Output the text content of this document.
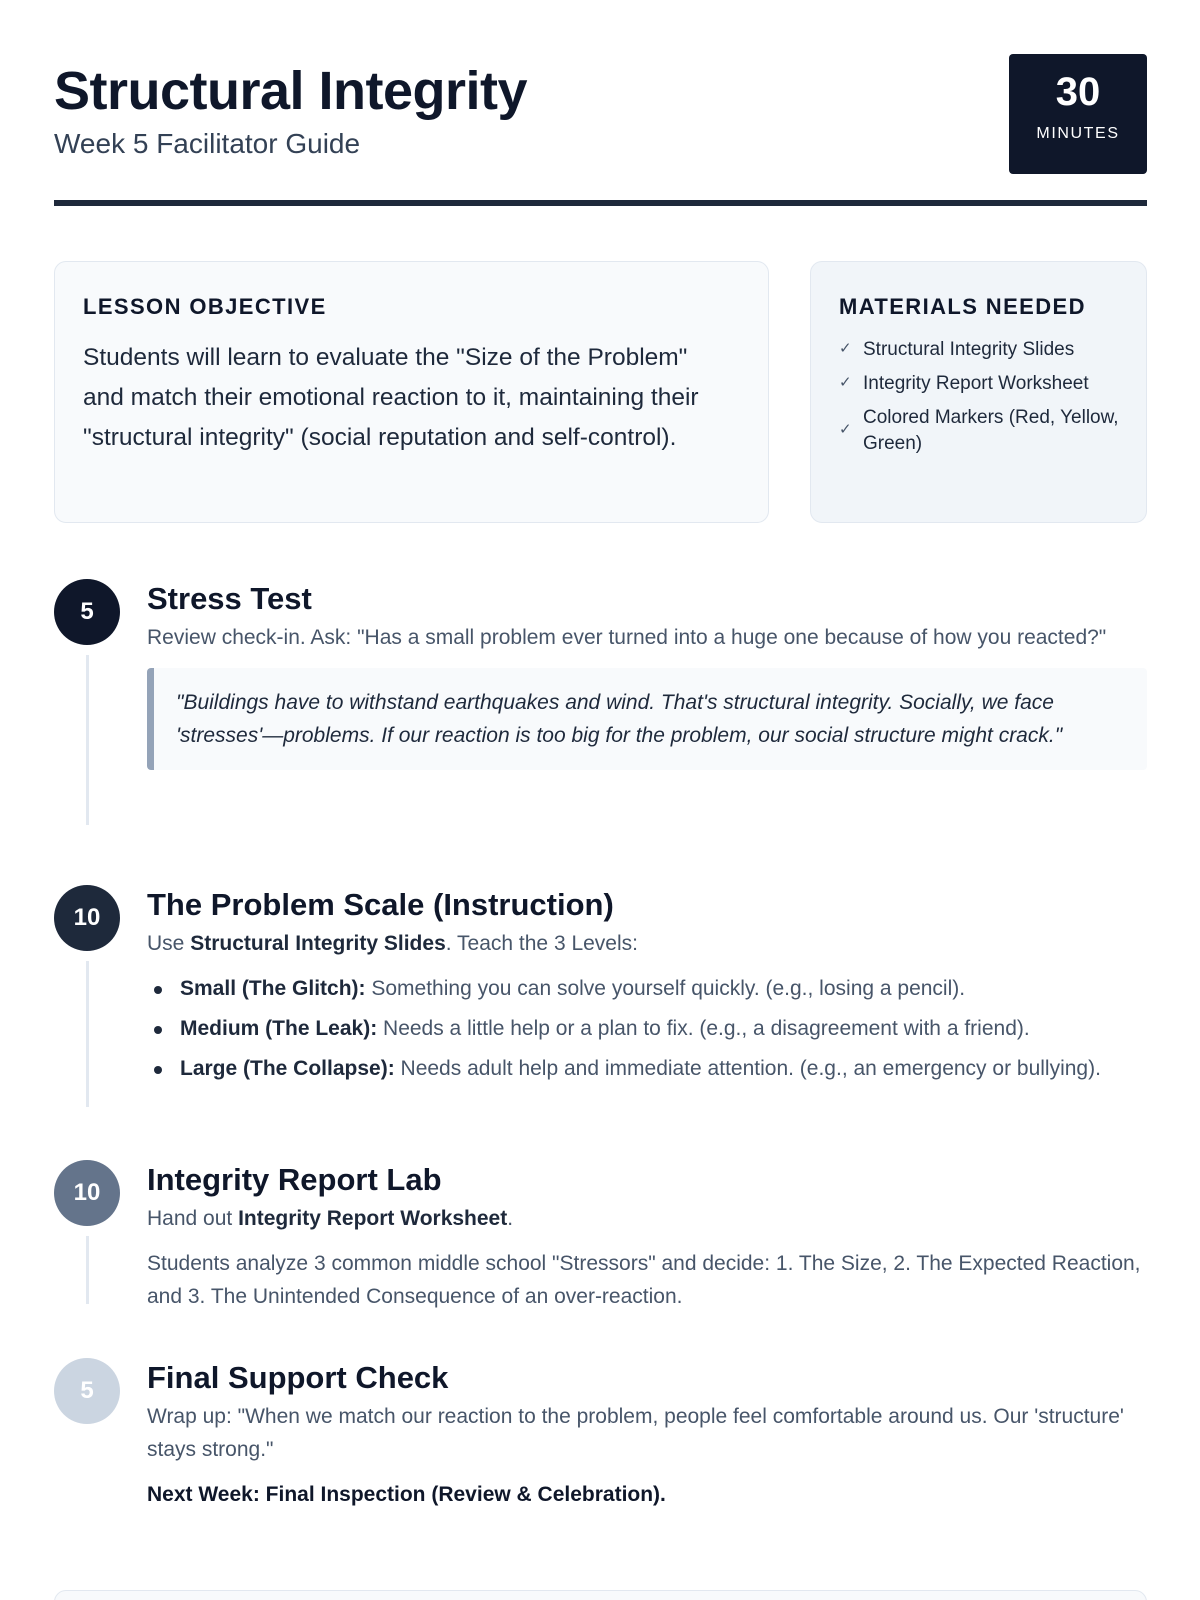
Structural Integrity
Week 5 Facilitator Guide
30
MINUTES
LESSON OBJECTIVE

Students will learn to evaluate the "Size of the Problem" and match their emotional reaction to it, maintaining their "structural integrity" (social reputation and self-control).

MATERIALS NEEDED
✓ Structural Integrity Slides
✓ Integrity Report Worksheet
✓
Colored Markers (Red, Yellow, Green)
5	Stress Test

Review check-in. Ask: "Has a small problem ever turned into a huge one because of how you reacted?"

"Buildings have to withstand earthquakes and wind. That's structural integrity. Socially, we face 'stresses'—problems. If our reaction is too big for the problem, our social structure might crack."
10	The Problem Scale (Instruction)

Use Structural Integrity Slides. Teach the 3 Levels:

Small (The Glitch): Something you can solve yourself quickly. (e.g., losing a pencil).
Medium (The Leak): Needs a little help or a plan to fix. (e.g., a disagreement with a friend).
Large (The Collapse): Needs adult help and immediate attention. (e.g., an emergency or bullying).
10	Integrity Report Lab

Hand out Integrity Report Worksheet.

Students analyze 3 common middle school "Stressors" and decide: 1. The Size, 2. The Expected Reaction, and 3. The Unintended Consequence of an over-reaction.

5	Final Support Check

Wrap up: "When we match our reaction to the problem, people feel comfortable around us. Our 'structure' stays strong."

Next Week: Final Inspection (Review & Celebration).
